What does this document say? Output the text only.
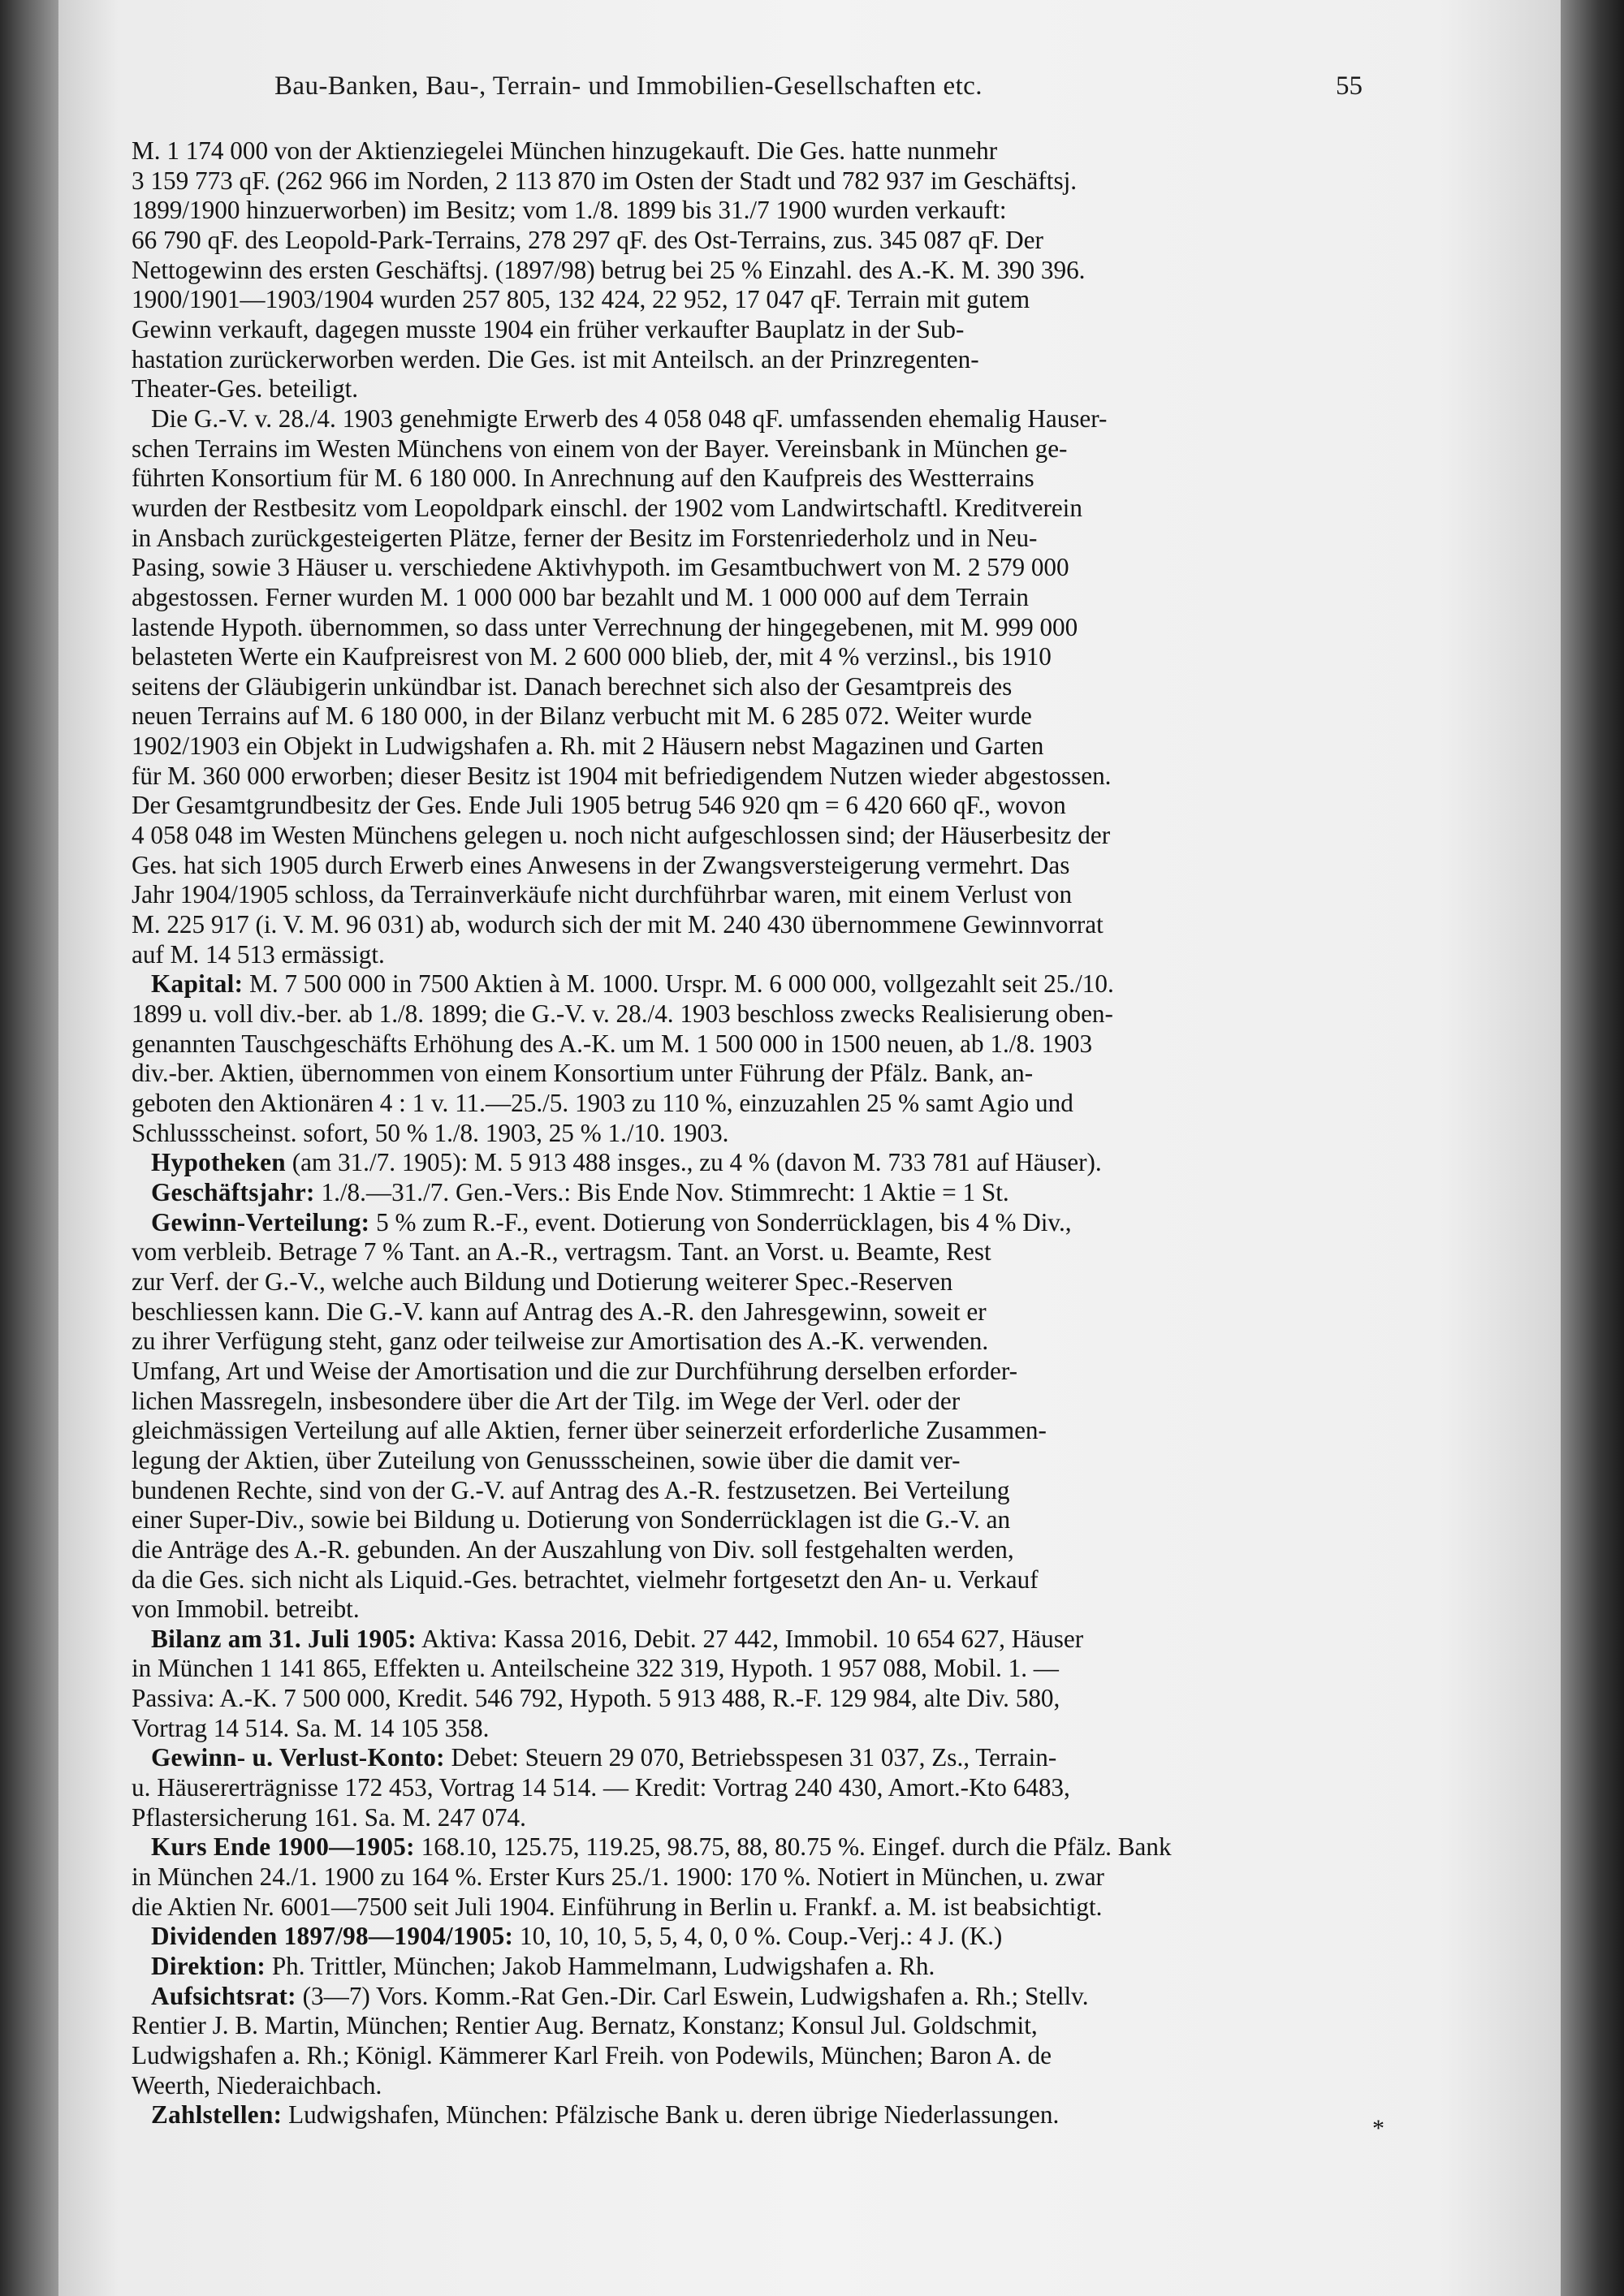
Bau-Banken, Bau-, Terrain- und Immobilien-Gesellschaften etc.	55
M. 1 174 000 von der Aktienziegelei München hinzugekauft. Die Ges. hatte nunmehr
3 159 773 qF. (262 966 im Norden, 2 113 870 im Osten der Stadt und 782 937 im Geschäftsj.
1899/1900 hinzuerworben) im Besitz; vom 1./8. 1899 bis 31./7 1900 wurden verkauft:
66 790 qF. des Leopold-Park-Terrains, 278 297 qF. des Ost-Terrains, zus. 345 087 qF. Der
Nettogewinn des ersten Geschäftsj. (1897/98) betrug bei 25 % Einzahl. des A.-K. M. 390 396.
1900/1901—1903/1904 wurden 257 805, 132 424, 22 952, 17 047 qF. Terrain mit gutem
Gewinn verkauft, dagegen musste 1904 ein früher verkaufter Bauplatz in der Sub-
hastation zurückerworben werden. Die Ges. ist mit Anteilsch. an der Prinzregenten-
Theater-Ges. beteiligt.
Die G.-V. v. 28./4. 1903 genehmigte Erwerb des 4 058 048 qF. umfassenden ehemalig Hauser-
schen Terrains im Westen Münchens von einem von der Bayer. Vereinsbank in München ge-
führten Konsortium für M. 6 180 000. In Anrechnung auf den Kaufpreis des Westterrains
wurden der Restbesitz vom Leopoldpark einschl. der 1902 vom Landwirtschaftl. Kreditverein
in Ansbach zurückgesteigerten Plätze, ferner der Besitz im Forstenriederholz und in Neu-
Pasing, sowie 3 Häuser u. verschiedene Aktivhypoth. im Gesamtbuchwert von M. 2 579 000
abgestossen. Ferner wurden M. 1 000 000 bar bezahlt und M. 1 000 000 auf dem Terrain
lastende Hypoth. übernommen, so dass unter Verrechnung der hingegebenen, mit M. 999 000
belasteten Werte ein Kaufpreisrest von M. 2 600 000 blieb, der, mit 4 % verzinsl., bis 1910
seitens der Gläubigerin unkündbar ist. Danach berechnet sich also der Gesamtpreis des
neuen Terrains auf M. 6 180 000, in der Bilanz verbucht mit M. 6 285 072. Weiter wurde
1902/1903 ein Objekt in Ludwigshafen a. Rh. mit 2 Häusern nebst Magazinen und Garten
für M. 360 000 erworben; dieser Besitz ist 1904 mit befriedigendem Nutzen wieder abgestossen.
Der Gesamtgrundbesitz der Ges. Ende Juli 1905 betrug 546 920 qm = 6 420 660 qF., wovon
4 058 048 im Westen Münchens gelegen u. noch nicht aufgeschlossen sind; der Häuserbesitz der
Ges. hat sich 1905 durch Erwerb eines Anwesens in der Zwangsversteigerung vermehrt. Das
Jahr 1904/1905 schloss, da Terrainverkäufe nicht durchführbar waren, mit einem Verlust von
M. 225 917 (i. V. M. 96 031) ab, wodurch sich der mit M. 240 430 übernommene Gewinnvorrat
auf M. 14 513 ermässigt.
Kapital: M. 7 500 000 in 7500 Aktien à M. 1000. Urspr. M. 6 000 000, vollgezahlt seit 25./10.
1899 u. voll div.-ber. ab 1./8. 1899; die G.-V. v. 28./4. 1903 beschloss zwecks Realisierung oben-
genannten Tauschgeschäfts Erhöhung des A.-K. um M. 1 500 000 in 1500 neuen, ab 1./8. 1903
div.-ber. Aktien, übernommen von einem Konsortium unter Führung der Pfälz. Bank, an-
geboten den Aktionären 4 : 1 v. 11.—25./5. 1903 zu 110 %, einzuzahlen 25 % samt Agio und
Schlussscheinst. sofort, 50 % 1./8. 1903, 25 % 1./10. 1903.
Hypotheken (am 31./7. 1905): M. 5 913 488 insges., zu 4 % (davon M. 733 781 auf Häuser).
Geschäftsjahr: 1./8.—31./7. Gen.-Vers.: Bis Ende Nov. Stimmrecht: 1 Aktie = 1 St.
Gewinn-Verteilung: 5 % zum R.-F., event. Dotierung von Sonderrücklagen, bis 4 % Div.,
vom verbleib. Betrage 7 % Tant. an A.-R., vertragsm. Tant. an Vorst. u. Beamte, Rest
zur Verf. der G.-V., welche auch Bildung und Dotierung weiterer Spec.-Reserven
beschliessen kann. Die G.-V. kann auf Antrag des A.-R. den Jahresgewinn, soweit er
zu ihrer Verfügung steht, ganz oder teilweise zur Amortisation des A.-K. verwenden.
Umfang, Art und Weise der Amortisation und die zur Durchführung derselben erforder-
lichen Massregeln, insbesondere über die Art der Tilg. im Wege der Verl. oder der
gleichmässigen Verteilung auf alle Aktien, ferner über seinerzeit erforderliche Zusammen-
legung der Aktien, über Zuteilung von Genussscheinen, sowie über die damit ver-
bundenen Rechte, sind von der G.-V. auf Antrag des A.-R. festzusetzen. Bei Verteilung
einer Super-Div., sowie bei Bildung u. Dotierung von Sonderrücklagen ist die G.-V. an
die Anträge des A.-R. gebunden. An der Auszahlung von Div. soll festgehalten werden,
da die Ges. sich nicht als Liquid.-Ges. betrachtet, vielmehr fortgesetzt den An- u. Verkauf
von Immobil. betreibt.
Bilanz am 31. Juli 1905: Aktiva: Kassa 2016, Debit. 27 442, Immobil. 10 654 627, Häuser
in München 1 141 865, Effekten u. Anteilscheine 322 319, Hypoth. 1 957 088, Mobil. 1. —
Passiva: A.-K. 7 500 000, Kredit. 546 792, Hypoth. 5 913 488, R.-F. 129 984, alte Div. 580,
Vortrag 14 514. Sa. M. 14 105 358.
Gewinn- u. Verlust-Konto: Debet: Steuern 29 070, Betriebsspesen 31 037, Zs., Terrain-
u. Häusererträgnisse 172 453, Vortrag 14 514. — Kredit: Vortrag 240 430, Amort.-Kto 6483,
Pflastersicherung 161. Sa. M. 247 074.
Kurs Ende 1900—1905: 168.10, 125.75, 119.25, 98.75, 88, 80.75 %. Eingef. durch die Pfälz. Bank
in München 24./1. 1900 zu 164 %. Erster Kurs 25./1. 1900: 170 %. Notiert in München, u. zwar
die Aktien Nr. 6001—7500 seit Juli 1904. Einführung in Berlin u. Frankf. a. M. ist beabsichtigt.
Dividenden 1897/98—1904/1905: 10, 10, 10, 5, 5, 4, 0, 0 %. Coup.-Verj.: 4 J. (K.)
Direktion: Ph. Trittler, München; Jakob Hammelmann, Ludwigshafen a. Rh.
Aufsichtsrat: (3—7) Vors. Komm.-Rat Gen.-Dir. Carl Eswein, Ludwigshafen a. Rh.; Stellv.
Rentier J. B. Martin, München; Rentier Aug. Bernatz, Konstanz; Konsul Jul. Goldschmit,
Ludwigshafen a. Rh.; Königl. Kämmerer Karl Freih. von Podewils, München; Baron A. de
Weerth, Niederaichbach.
Zahlstellen: Ludwigshafen, München: Pfälzische Bank u. deren übrige Niederlassungen.	*
